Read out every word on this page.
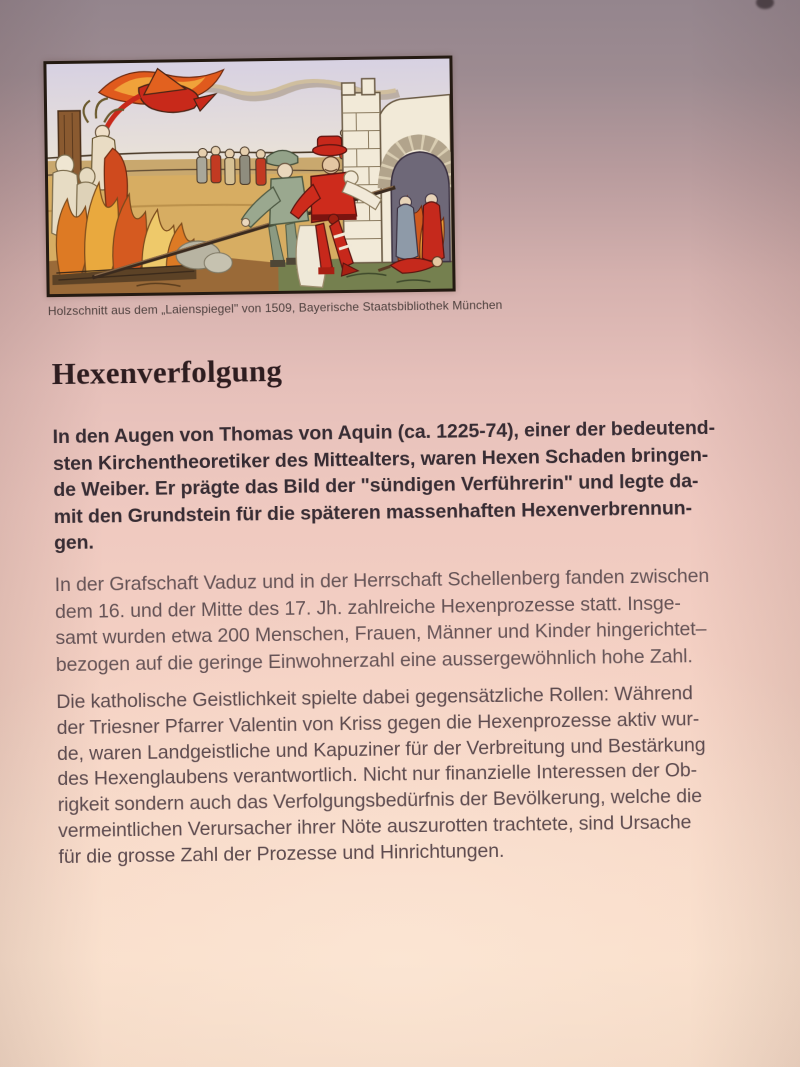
Holzschnitt aus dem „Laienspiegel" von 1509, Bayerische Staatsbibliothek München

Hexenverfolgung

In den Augen von Thomas von Aquin (ca. 1225-74), einer der bedeutend-
sten Kirchentheoretiker des Mittealters, waren Hexen Schaden bringen-
de Weiber. Er prägte das Bild der "sündigen Verführerin" und legte da-
mit den Grundstein für die späteren massenhaften Hexenverbrennun-
gen.

In der Grafschaft Vaduz und in der Herrschaft Schellenberg fanden zwischen
dem 16. und der Mitte des 17. Jh. zahlreiche Hexenprozesse statt. Insge-
samt wurden etwa 200 Menschen, Frauen, Männer und Kinder hingerichtet–
bezogen auf die geringe Einwohnerzahl eine aussergewöhnlich hohe Zahl.

Die katholische Geistlichkeit spielte dabei gegensätzliche Rollen: Während
der Triesner Pfarrer Valentin von Kriss gegen die Hexenprozesse aktiv wur-
de, waren Landgeistliche und Kapuziner für der Verbreitung und Bestärkung
des Hexenglaubens verantwortlich. Nicht nur finanzielle Interessen der Ob-
rigkeit sondern auch das Verfolgungsbedürfnis der Bevölkerung, welche die
vermeintlichen Verursacher ihrer Nöte auszurotten trachtete, sind Ursache
für die grosse Zahl der Prozesse und Hinrichtungen.
